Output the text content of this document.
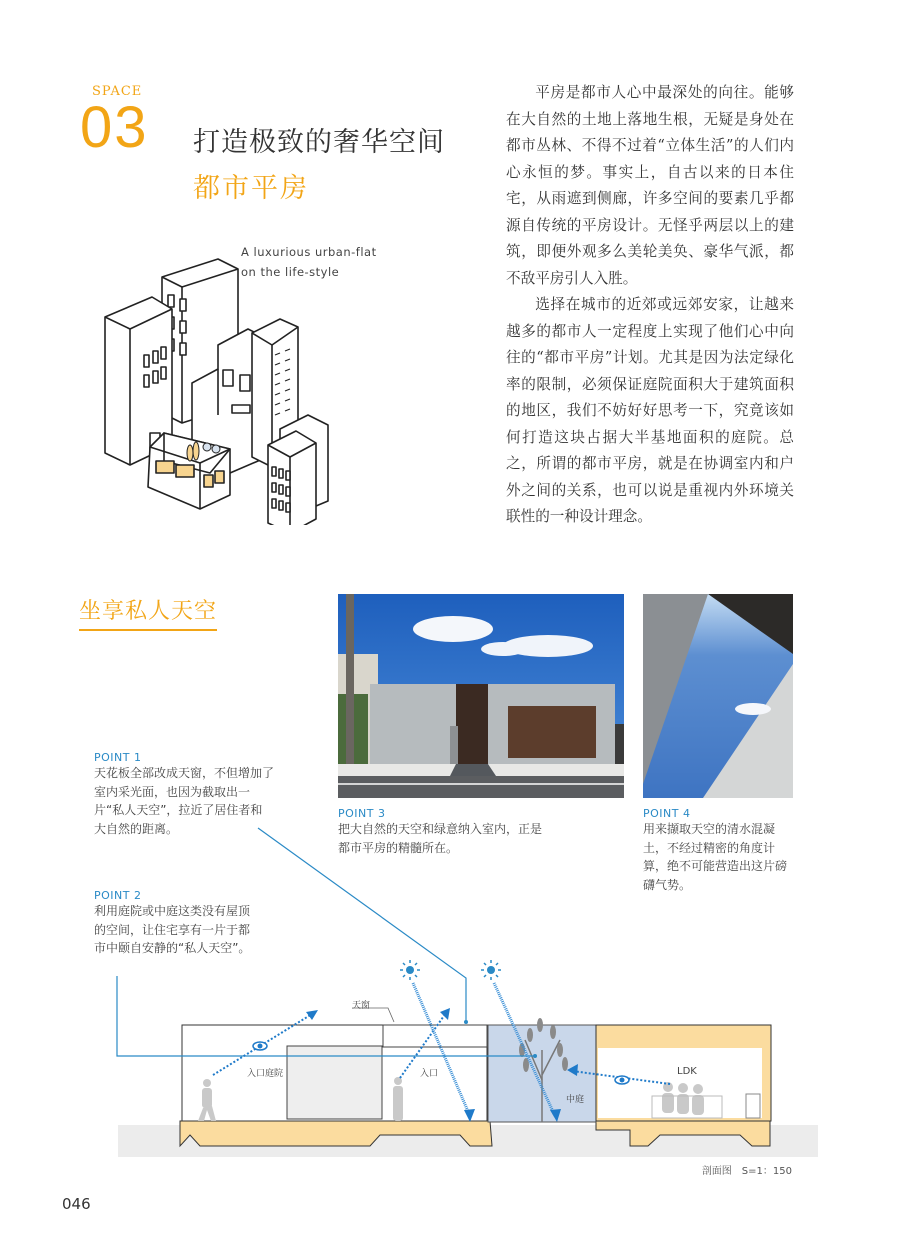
SPACE
03 打造极致的奢华空间
都市平房
A luxurious urban-flat
on the life-style

平房是都市人心中最深处的向往。能够在大自然的土地上落地生根，无疑是身处在都市丛林、不得不过着“立体生活”的人们内心永恒的梦。事实上，自古以来的日本住宅，从雨遮到侧廊，许多空间的要素几乎都源自传统的平房设计。无怪乎两层以上的建筑，即便外观多么美轮美奂、豪华气派，都不敌平房引人入胜。

选择在城市的近郊或远郊安家，让越来越多的都市人一定程度上实现了他们心中向往的“都市平房”计划。尤其是因为法定绿化率的限制，必须保证庭院面积大于建筑面积的地区，我们不妨好好思考一下，究竟该如何打造这块占据大半基地面积的庭院。总之，所谓的都市平房，就是在协调室内和户外之间的关系，也可以说是重视内外环境关联性的一种设计理念。

坐享私人天空
POINT 1
天花板全部改成天窗，不但增加了室内采光面，也因为截取出一片“私人天空”，拉近了居住者和大自然的距离。
POINT 2
利用庭院或中庭这类没有屋顶的空间，让住宅享有一片于都市中颐自安静的“私人天空”。
POINT 3
把大自然的天空和绿意纳入室内，正是都市平房的精髓所在。
POINT 4
用来撷取天空的清水混凝土，不经过精密的角度计算，绝不可能营造出这片磅礴气势。
天窗
入口庭院	入口
中庭
LDK
剖面图　S=1：150
046
